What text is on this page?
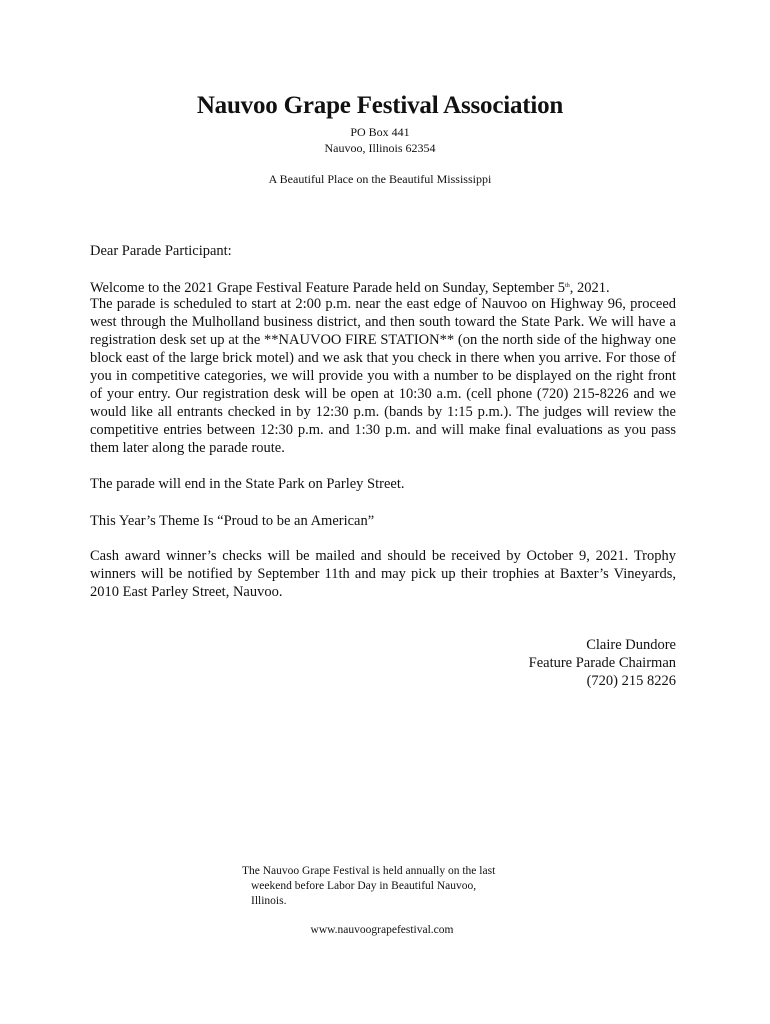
Nauvoo Grape Festival Association
PO Box 441
Nauvoo, Illinois 62354
A Beautiful Place on the Beautiful Mississippi
Dear Parade Participant:
Welcome to the 2021 Grape Festival Feature Parade held on Sunday, September 5th, 2021.
The parade is scheduled to start at 2:00 p.m. near the east edge of Nauvoo on Highway 96, proceed west through the Mulholland business district, and then south toward the State Park. We will have a registration desk set up at the **NAUVOO FIRE STATION** (on the north side of the highway one block east of the large brick motel) and we ask that you check in there when you arrive. For those of you in competitive categories, we will provide you with a number to be displayed on the right front of your entry. Our registration desk will be open at 10:30 a.m. (cell phone (720) 215-8226 and we would like all entrants checked in by 12:30 p.m. (bands by 1:15 p.m.). The judges will review the competitive entries between 12:30 p.m. and 1:30 p.m. and will make final evaluations as you pass them later along the parade route.
The parade will end in the State Park on Parley Street.
This Year’s Theme Is “Proud to be an American”
Cash award winner’s checks will be mailed and should be received by October 9, 2021. Trophy winners will be notified by September 11th and may pick up their trophies at Baxter’s Vineyards, 2010 East Parley Street, Nauvoo.
Claire Dundore
Feature Parade Chairman
(720) 215 8226
The Nauvoo Grape Festival is held annually on the last
weekend before Labor Day in Beautiful Nauvoo,
Illinois.
www.nauvoograpefestival.com
